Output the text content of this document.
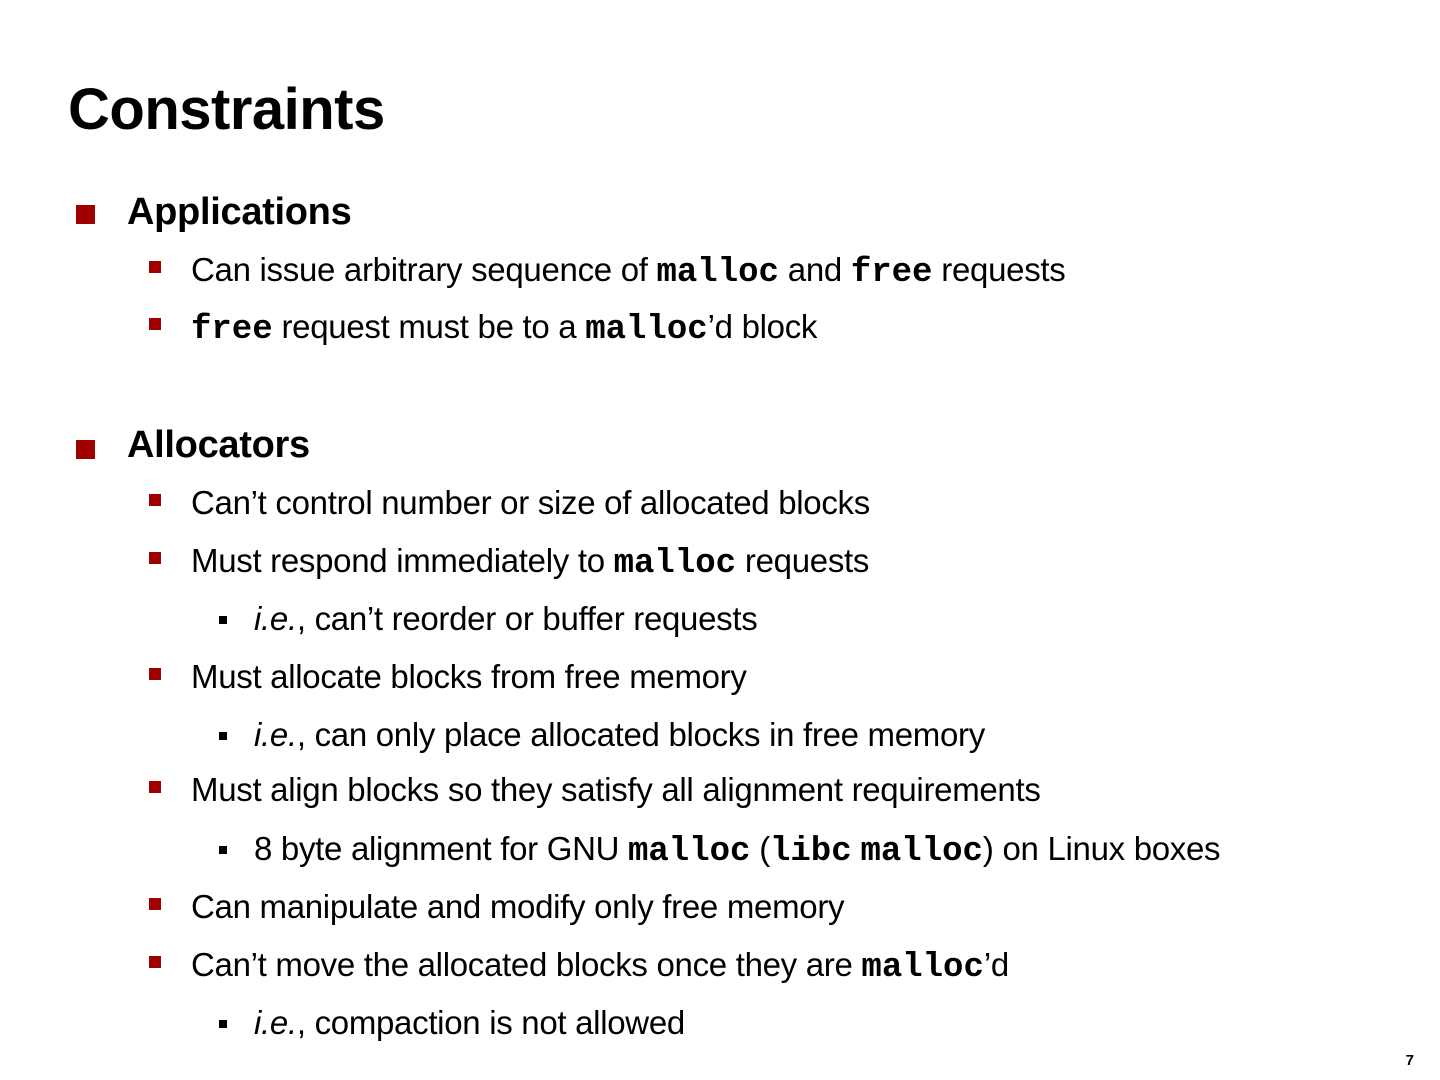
Constraints
Applications
Can issue arbitrary sequence of malloc and free requests
free request must be to a malloc’d block
Allocators
Can’t control number or size of allocated blocks
Must respond immediately to malloc requests
i.e., can’t reorder or buffer requests
Must allocate blocks from free memory
i.e., can only place allocated blocks in free memory
Must align blocks so they satisfy all alignment requirements
8 byte alignment for GNU malloc (libc malloc) on Linux boxes
Can manipulate and modify only free memory
Can’t move the allocated blocks once they are malloc’d
i.e., compaction is not allowed
7
